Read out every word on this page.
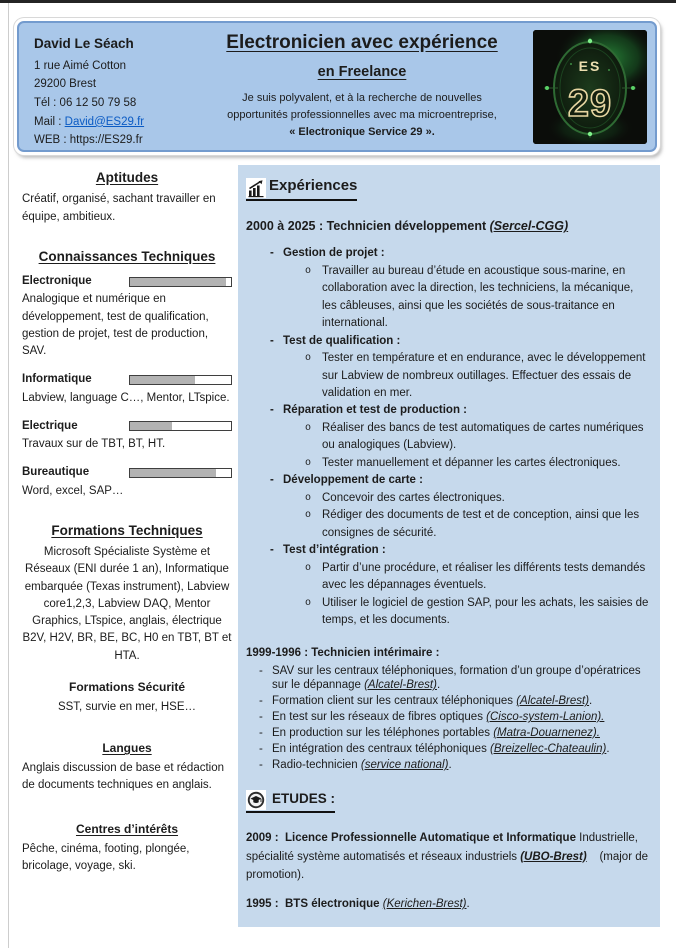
David Le Séach
1 rue Aimé Cotton
29200 Brest
Tél : 06 12 50 79 58
Mail : David@ES29.fr
WEB : https://ES29.fr
Electronicien avec expérience
en Freelance
Je suis polyvalent, et à la recherche de nouvelles
opportunités professionnelles avec ma microentreprise,
« Electronique Service 29 ».
ES
29
Aptitudes
Créatif, organisé, sachant travailler en équipe, ambitieux.
Connaissances Techniques
Electronique
Analogique et numérique en développement, test de qualification, gestion de projet, test de production, SAV.
Informatique
Labview, language C…, Mentor, LTspice.
Electrique
Travaux sur de TBT, BT, HT.
Bureautique
Word, excel, SAP…
Formations Techniques
Microsoft Spécialiste Système et Réseaux (ENI durée 1 an), Informatique embarquée (Texas instrument), Labview core1,2,3, Labview DAQ, Mentor Graphics, LTspice, anglais, électrique B2V, H2V, BR, BE, BC, H0 en TBT, BT et HTA.
Formations Sécurité
SST, survie en mer, HSE…
Langues
Anglais discussion de base et rédaction de documents techniques en anglais.
Centres d’intérêts
Pêche, cinéma, footing, plongée, bricolage, voyage, ski.
Expériences
2000 à 2025 : Technicien développement (Sercel-CGG)
- Gestion de projet :
o Travailler au bureau d’étude en acoustique sous-marine, en collaboration avec la direction, les techniciens, la mécanique, les câbleuses, ainsi que les sociétés de sous-traitance en international.
- Test de qualification :
o Tester en température et en endurance, avec le développement sur Labview de nombreux outillages. Effectuer des essais de validation en mer.
- Réparation et test de production :
o Réaliser des bancs de test automatiques de cartes numériques ou analogiques (Labview).
o Tester manuellement et dépanner les cartes électroniques.
- Développement de carte :
o Concevoir des cartes électroniques.
o Rédiger des documents de test et de conception, ainsi que les consignes de sécurité.
- Test d’intégration :
o Partir d’une procédure, et réaliser les différents tests demandés avec les dépannages éventuels.
o Utiliser le logiciel de gestion SAP, pour les achats, les saisies de temps, et les documents.
1999-1996 : Technicien intérimaire :
- SAV sur les centraux téléphoniques, formation d’un groupe d’opératrices sur le dépannage (Alcatel-Brest).
- Formation client sur les centraux téléphoniques (Alcatel-Brest).
- En test sur les réseaux de fibres optiques (Cisco-system-Lanion).
- En production sur les téléphones portables (Matra-Douarnenez).
- En intégration des centraux téléphoniques (Breizellec-Chateaulin).
- Radio-technicien (service national).
ETUDES :
2009 :  Licence Professionnelle Automatique et Informatique Industrielle, spécialité système automatisés et réseaux industriels (UBO-Brest)    (major de promotion).
1995 :  BTS électronique (Kerichen-Brest).
